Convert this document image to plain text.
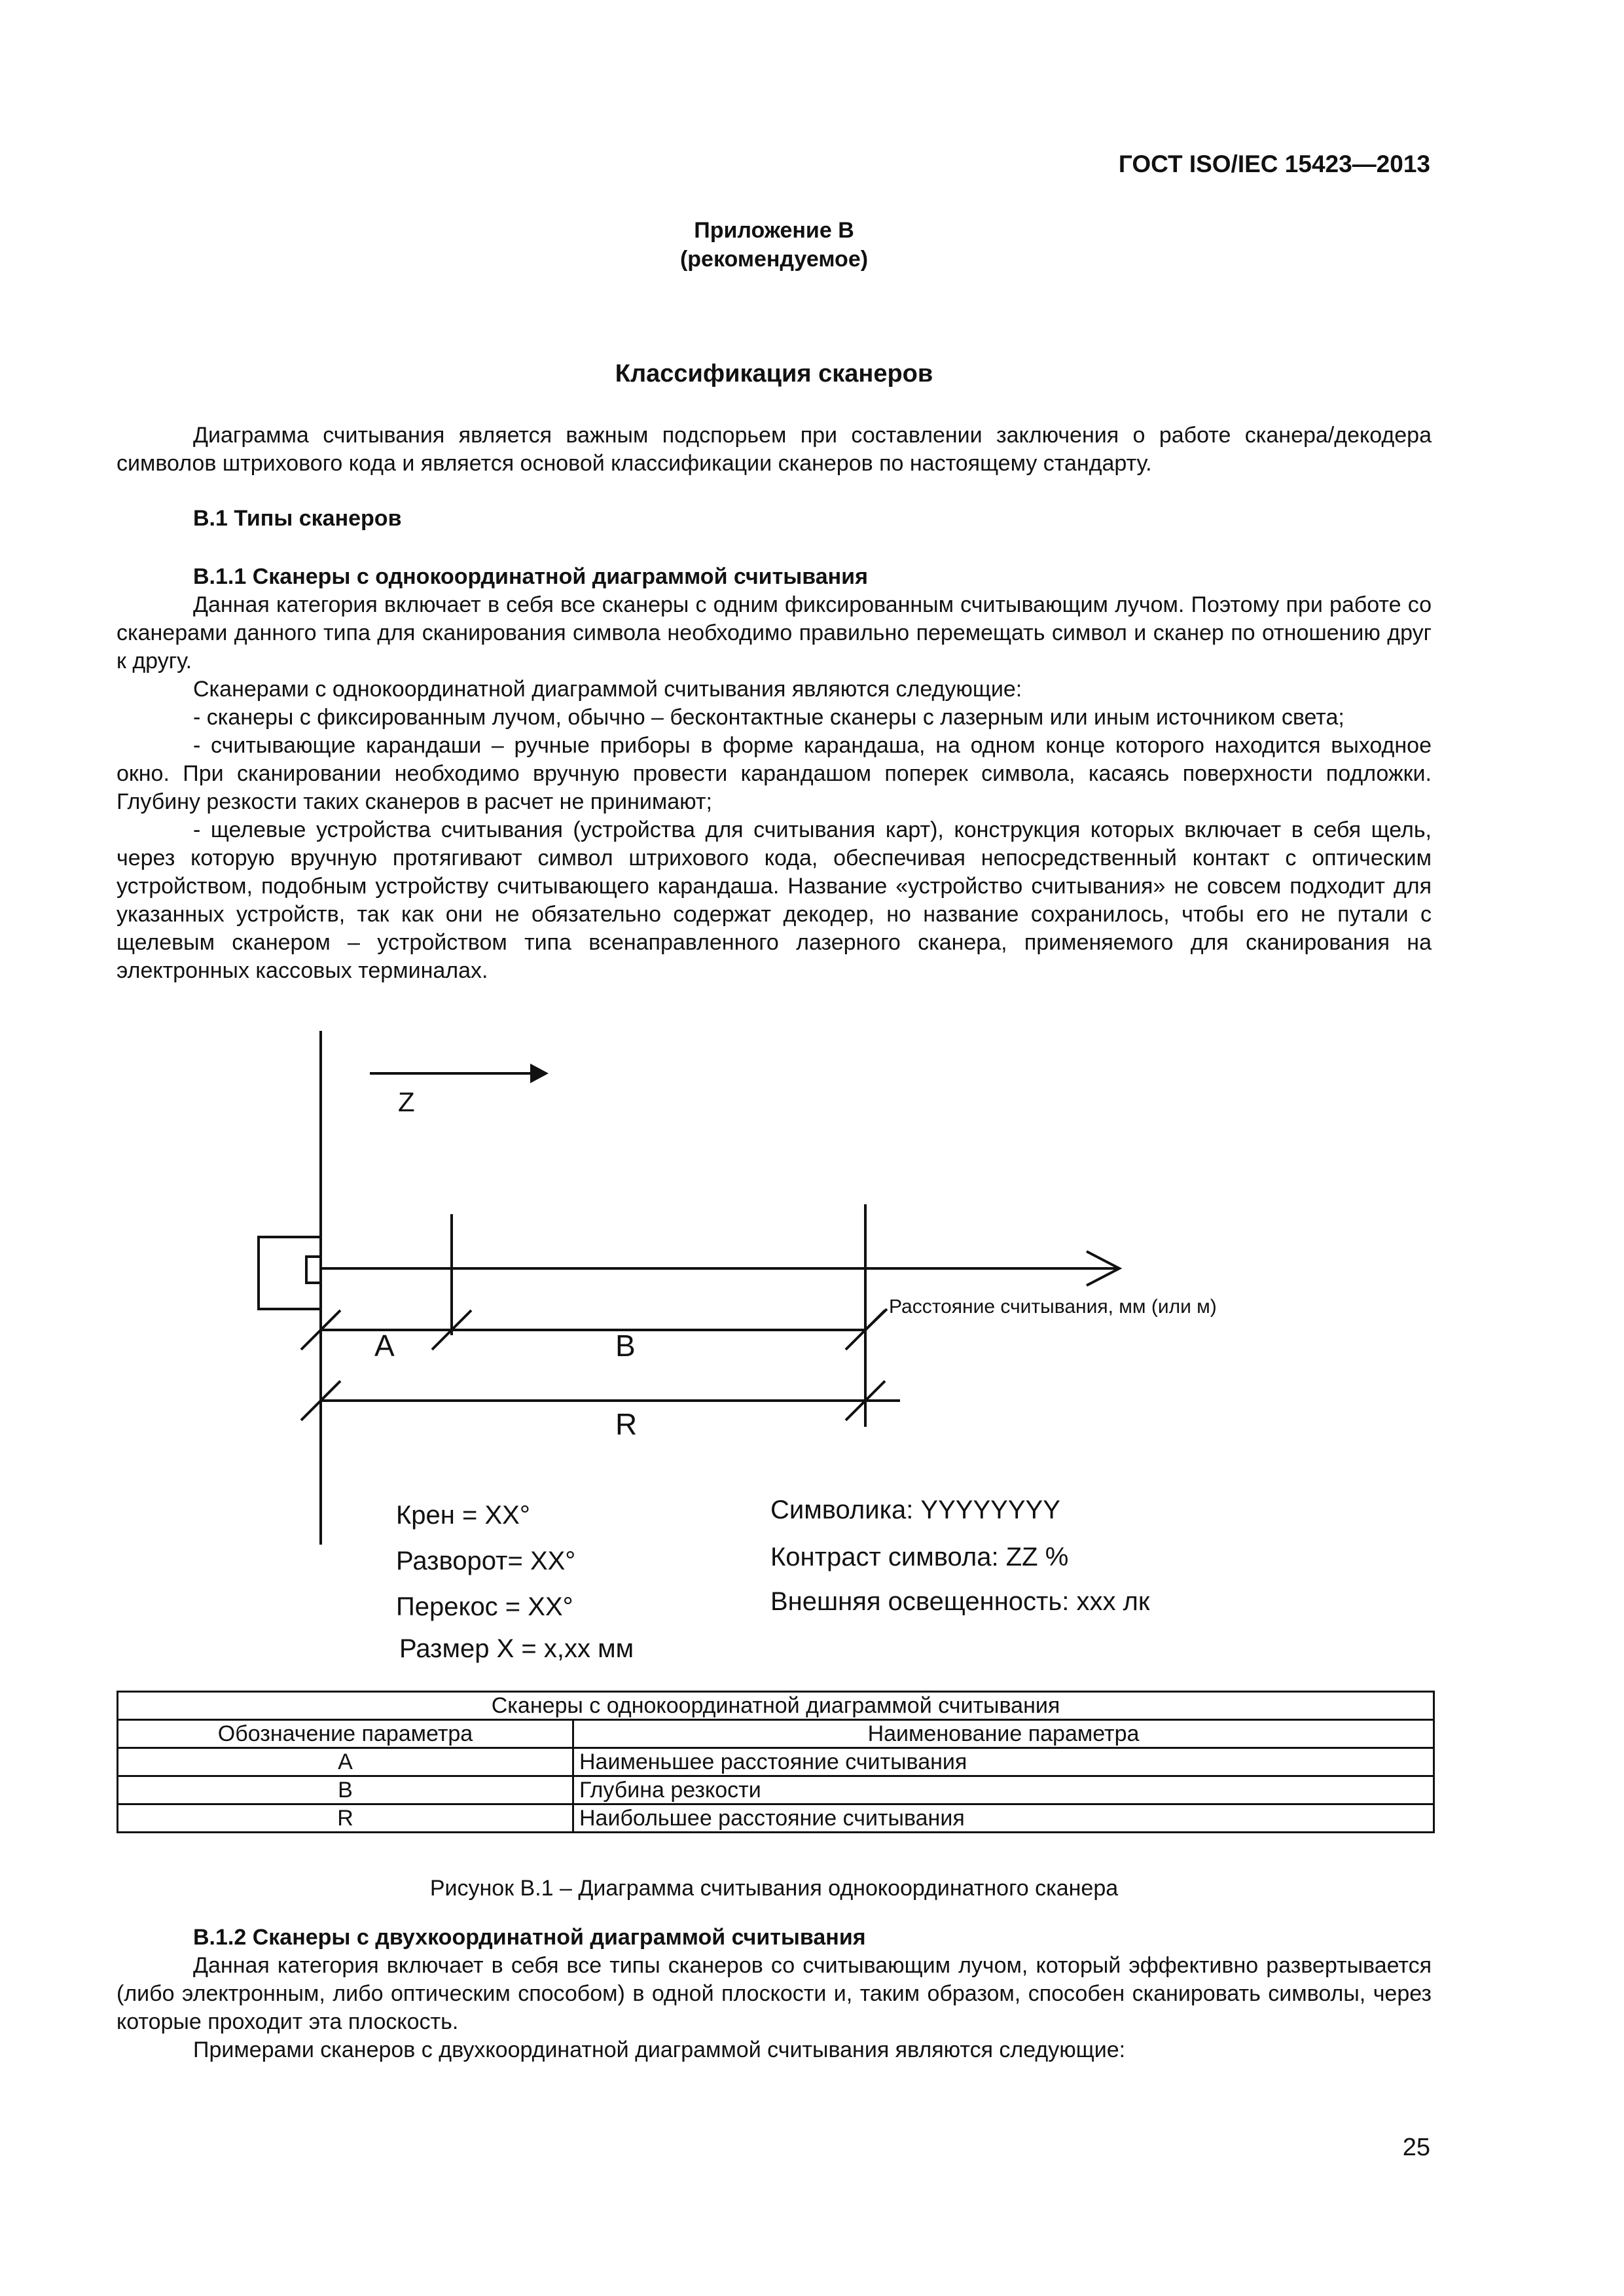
ГОСТ ISO/IEC 15423—2013
Приложение В
(рекомендуемое)
Классификация сканеров

Диаграмма считывания является важным подспорьем при составлении заключения о работе сканера/декодера символов штрихового кода и является основой классификации сканеров по настоящему стандарту.

В.1 Типы сканеров

В.1.1 Сканеры с однокоординатной диаграммой считывания

Данная категория включает в себя все сканеры с одним фиксированным считывающим лучом. Поэтому при работе со сканерами данного типа для сканирования символа необходимо правильно перемещать символ и сканер по отношению друг к другу.

Сканерами с однокоординатной диаграммой считывания являются следующие:

- сканеры с фиксированным лучом, обычно – бесконтактные сканеры с лазерным или иным источником света;

- считывающие карандаши – ручные приборы в форме карандаша, на одном конце которого находится выходное окно. При сканировании необходимо вручную провести карандашом поперек символа, касаясь поверхности подложки. Глубину резкости таких сканеров в расчет не принимают;

- щелевые устройства считывания (устройства для считывания карт), конструкция которых включает в себя щель, через которую вручную протягивают символ штрихового кода, обеспечивая непосредственный контакт с оптическим устройством, подобным устройству считывающего карандаша. Название «устройство считывания» не совсем подходит для указанных устройств, так как они не обязательно содержат декодер, но название сохранилось, чтобы его не путали с щелевым сканером – устройством типа всенаправленного лазерного сканера, применяемого для сканирования на электронных кассовых терминалах.

Z
Расстояние считывания, мм (или м)
A	B
R
Крен = XX°
Разворот= XX°
Перекос = XX°
Размер X = x,xx мм
Символика: YYYYYYYY
Контраст символа: ZZ %
Внешняя освещенность: xxx лк
Сканеры с однокоординатной диаграммой считывания	
Обозначение параметра	Наименование параметра
A	Наименьшее расстояние считывания
B	Глубина резкости
R	Наибольшее расстояние считывания
Рисунок В.1 – Диаграмма считывания однокоординатного сканера

В.1.2 Сканеры с двухкоординатной диаграммой считывания

Данная категория включает в себя все типы сканеров со считывающим лучом, который эффективно развертывается (либо электронным, либо оптическим способом) в одной плоскости и, таким образом, способен сканировать символы, через которые проходит эта плоскость.

Примерами сканеров с двухкоординатной диаграммой считывания являются следующие:

25
